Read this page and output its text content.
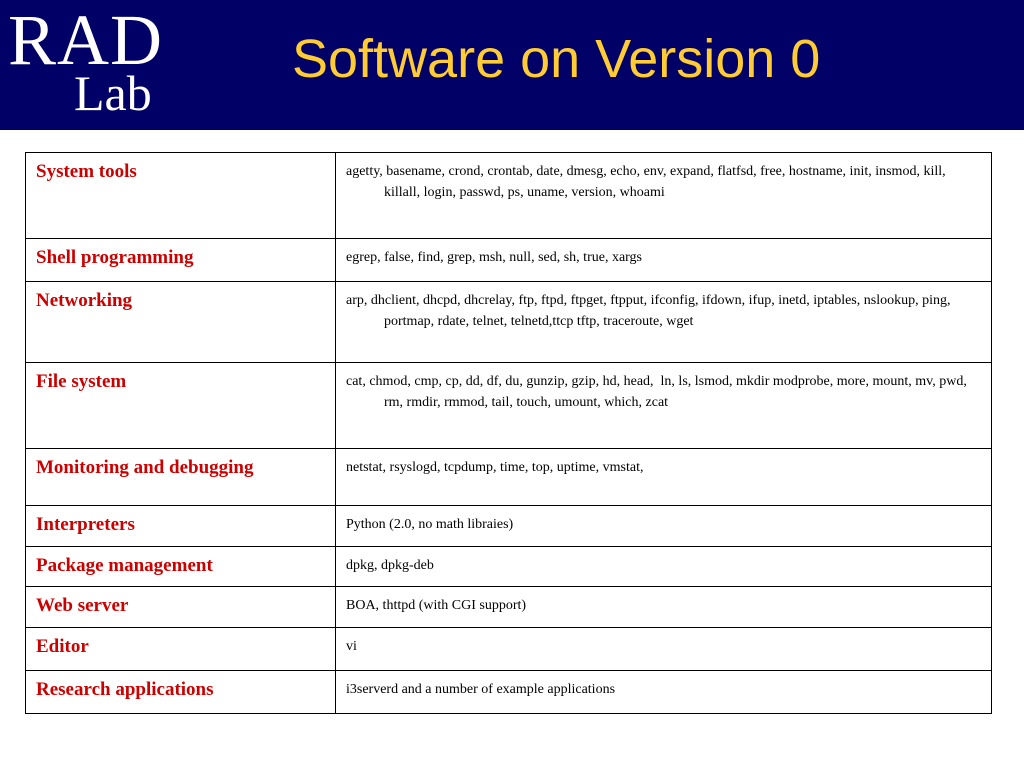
RAD
Lab
Software on Version 0
System tools	agetty, basename, crond, crontab, date, dmesg, echo, env, expand, flatfsd, free, hostname, init, insmod, kill, killall, login, passwd, ps, uname, version, whoami

Shell programming	egrep, false, find, grep, msh, null, sed, sh, true, xargs

Networking	arp, dhclient, dhcpd, dhcrelay, ftp, ftpd, ftpget, ftpput, ifconfig, ifdown, ifup, inetd, iptables, nslookup, ping, portmap, rdate, telnet, telnetd,ttcp tftp, traceroute, wget

File system	cat, chmod, cmp, cp, dd, df, du, gunzip, gzip, hd, head,  ln, ls, lsmod, mkdir modprobe, more, mount, mv, pwd, rm, rmdir, rmmod, tail, touch, umount, which, zcat

Monitoring and debugging	netstat, rsyslogd, tcpdump, time, top, uptime, vmstat,

Interpreters	Python (2.0, no math libraies)

Package management	dpkg, dpkg-deb

Web server	BOA, thttpd (with CGI support)

Editor	vi

Research applications	i3serverd and a number of example applications
